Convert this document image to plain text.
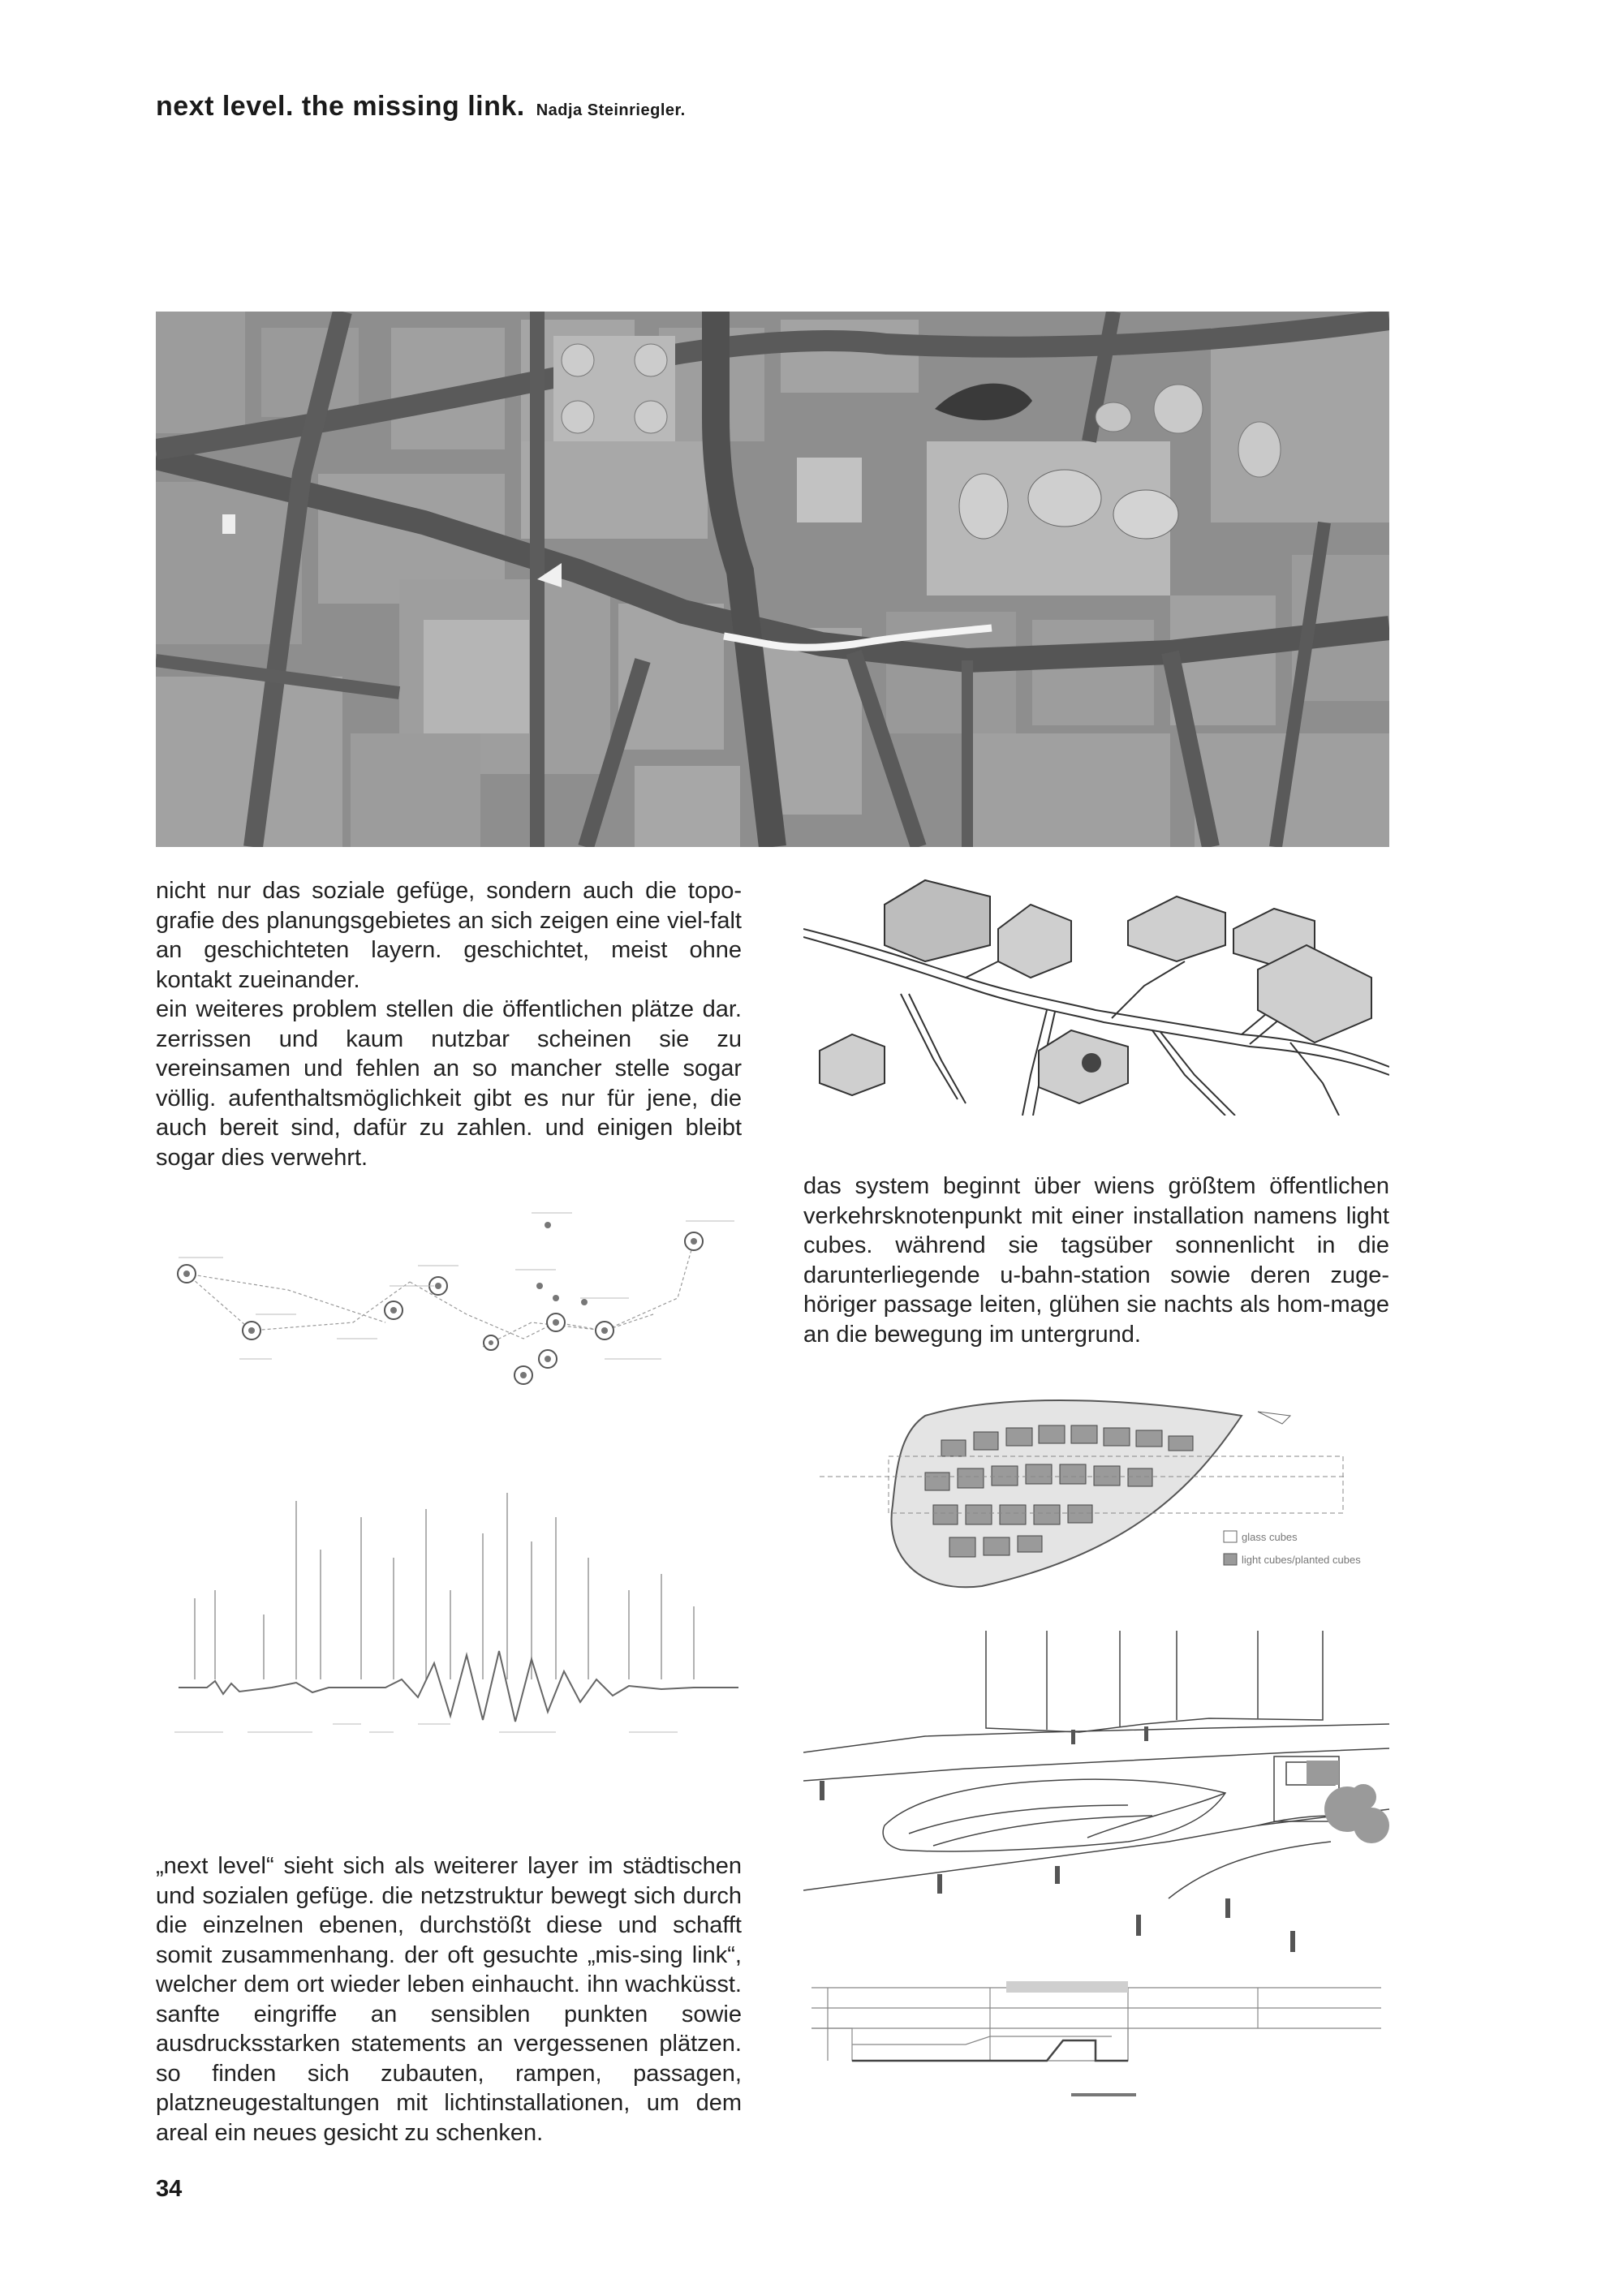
next level. the missing link. Nadja Steinriegler.

nicht nur das soziale gefüge, sondern auch die topo-grafie des planungsgebietes an sich zeigen eine viel-falt an geschichteten layern. geschichtet, meist ohne kontakt zueinander.
ein weiteres problem stellen die öffentlichen plätze dar. zerrissen und kaum nutzbar scheinen sie zu vereinsamen und fehlen an so mancher stelle sogar völlig. aufenthaltsmöglichkeit gibt es nur für jene, die auch bereit sind, dafür zu zahlen. und einigen bleibt sogar dies verwehrt.

das system beginnt über wiens größtem öffentlichen verkehrsknotenpunkt mit einer installation namens light cubes. während sie tagsüber sonnenlicht in die darunterliegende u-bahn-station sowie deren zuge-höriger passage leiten, glühen sie nachts als hom-mage an die bewegung im untergrund.

glass cubes
light cubes/planted cubes

„next level“ sieht sich als weiterer layer im städtischen und sozialen gefüge. die netzstruktur bewegt sich durch die einzelnen ebenen, durchstößt diese und schafft somit zusammenhang. der oft gesuchte „mis-sing link“, welcher dem ort wieder leben einhaucht. ihn wachküsst. sanfte eingriffe an sensiblen punkten sowie ausdrucksstarken statements an vergessenen plätzen. so finden sich zubauten, rampen, passagen, platzneugestaltungen mit lichtinstallationen, um dem areal ein neues gesicht zu schenken.

34
